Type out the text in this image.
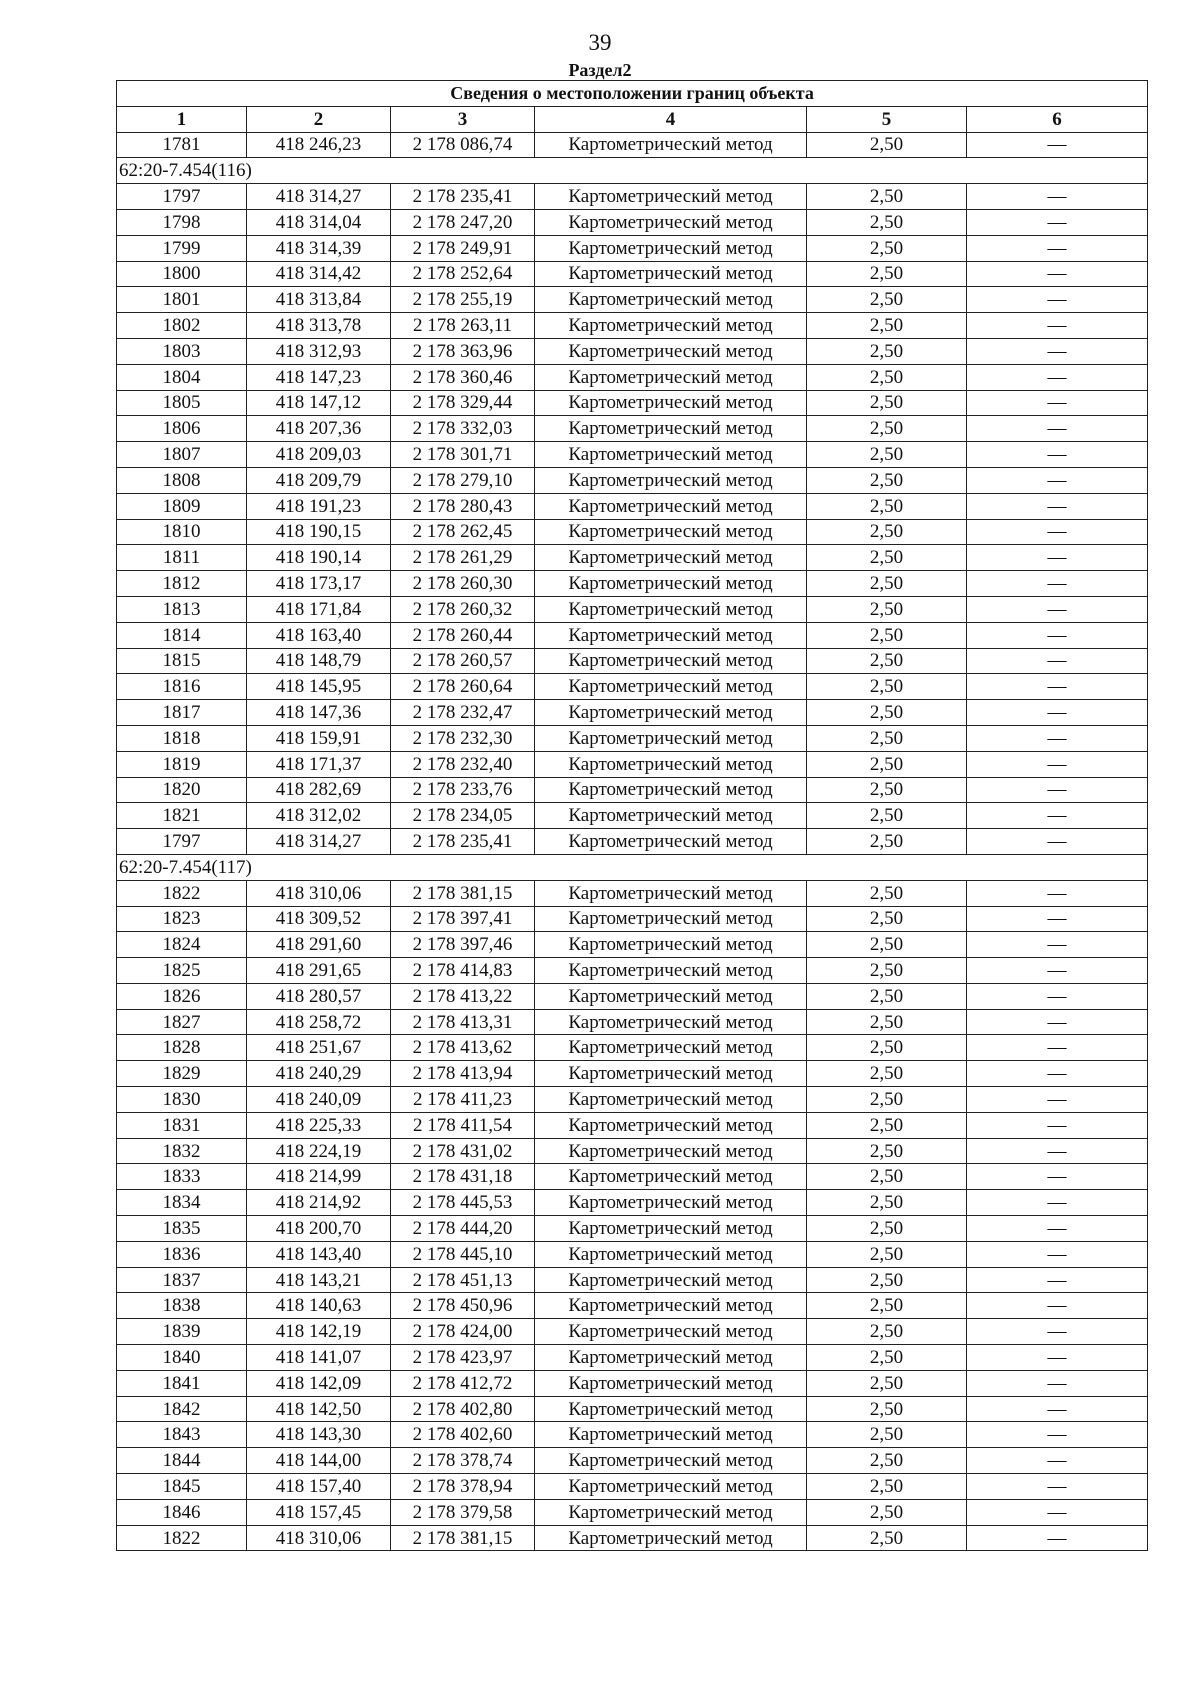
39
Раздел2
Сведения о местоположении границ объекта					
1	2	3	4	5	6
1781	418 246,23	2 178 086,74	Картометрический метод	2,50	—
62:20-7.454(116)					
1797	418 314,27	2 178 235,41	Картометрический метод	2,50	—
1798	418 314,04	2 178 247,20	Картометрический метод	2,50	—
1799	418 314,39	2 178 249,91	Картометрический метод	2,50	—
1800	418 314,42	2 178 252,64	Картометрический метод	2,50	—
1801	418 313,84	2 178 255,19	Картометрический метод	2,50	—
1802	418 313,78	2 178 263,11	Картометрический метод	2,50	—
1803	418 312,93	2 178 363,96	Картометрический метод	2,50	—
1804	418 147,23	2 178 360,46	Картометрический метод	2,50	—
1805	418 147,12	2 178 329,44	Картометрический метод	2,50	—
1806	418 207,36	2 178 332,03	Картометрический метод	2,50	—
1807	418 209,03	2 178 301,71	Картометрический метод	2,50	—
1808	418 209,79	2 178 279,10	Картометрический метод	2,50	—
1809	418 191,23	2 178 280,43	Картометрический метод	2,50	—
1810	418 190,15	2 178 262,45	Картометрический метод	2,50	—
1811	418 190,14	2 178 261,29	Картометрический метод	2,50	—
1812	418 173,17	2 178 260,30	Картометрический метод	2,50	—
1813	418 171,84	2 178 260,32	Картометрический метод	2,50	—
1814	418 163,40	2 178 260,44	Картометрический метод	2,50	—
1815	418 148,79	2 178 260,57	Картометрический метод	2,50	—
1816	418 145,95	2 178 260,64	Картометрический метод	2,50	—
1817	418 147,36	2 178 232,47	Картометрический метод	2,50	—
1818	418 159,91	2 178 232,30	Картометрический метод	2,50	—
1819	418 171,37	2 178 232,40	Картометрический метод	2,50	—
1820	418 282,69	2 178 233,76	Картометрический метод	2,50	—
1821	418 312,02	2 178 234,05	Картометрический метод	2,50	—
1797	418 314,27	2 178 235,41	Картометрический метод	2,50	—
62:20-7.454(117)					
1822	418 310,06	2 178 381,15	Картометрический метод	2,50	—
1823	418 309,52	2 178 397,41	Картометрический метод	2,50	—
1824	418 291,60	2 178 397,46	Картометрический метод	2,50	—
1825	418 291,65	2 178 414,83	Картометрический метод	2,50	—
1826	418 280,57	2 178 413,22	Картометрический метод	2,50	—
1827	418 258,72	2 178 413,31	Картометрический метод	2,50	—
1828	418 251,67	2 178 413,62	Картометрический метод	2,50	—
1829	418 240,29	2 178 413,94	Картометрический метод	2,50	—
1830	418 240,09	2 178 411,23	Картометрический метод	2,50	—
1831	418 225,33	2 178 411,54	Картометрический метод	2,50	—
1832	418 224,19	2 178 431,02	Картометрический метод	2,50	—
1833	418 214,99	2 178 431,18	Картометрический метод	2,50	—
1834	418 214,92	2 178 445,53	Картометрический метод	2,50	—
1835	418 200,70	2 178 444,20	Картометрический метод	2,50	—
1836	418 143,40	2 178 445,10	Картометрический метод	2,50	—
1837	418 143,21	2 178 451,13	Картометрический метод	2,50	—
1838	418 140,63	2 178 450,96	Картометрический метод	2,50	—
1839	418 142,19	2 178 424,00	Картометрический метод	2,50	—
1840	418 141,07	2 178 423,97	Картометрический метод	2,50	—
1841	418 142,09	2 178 412,72	Картометрический метод	2,50	—
1842	418 142,50	2 178 402,80	Картометрический метод	2,50	—
1843	418 143,30	2 178 402,60	Картометрический метод	2,50	—
1844	418 144,00	2 178 378,74	Картометрический метод	2,50	—
1845	418 157,40	2 178 378,94	Картометрический метод	2,50	—
1846	418 157,45	2 178 379,58	Картометрический метод	2,50	—
1822	418 310,06	2 178 381,15	Картометрический метод	2,50	—
